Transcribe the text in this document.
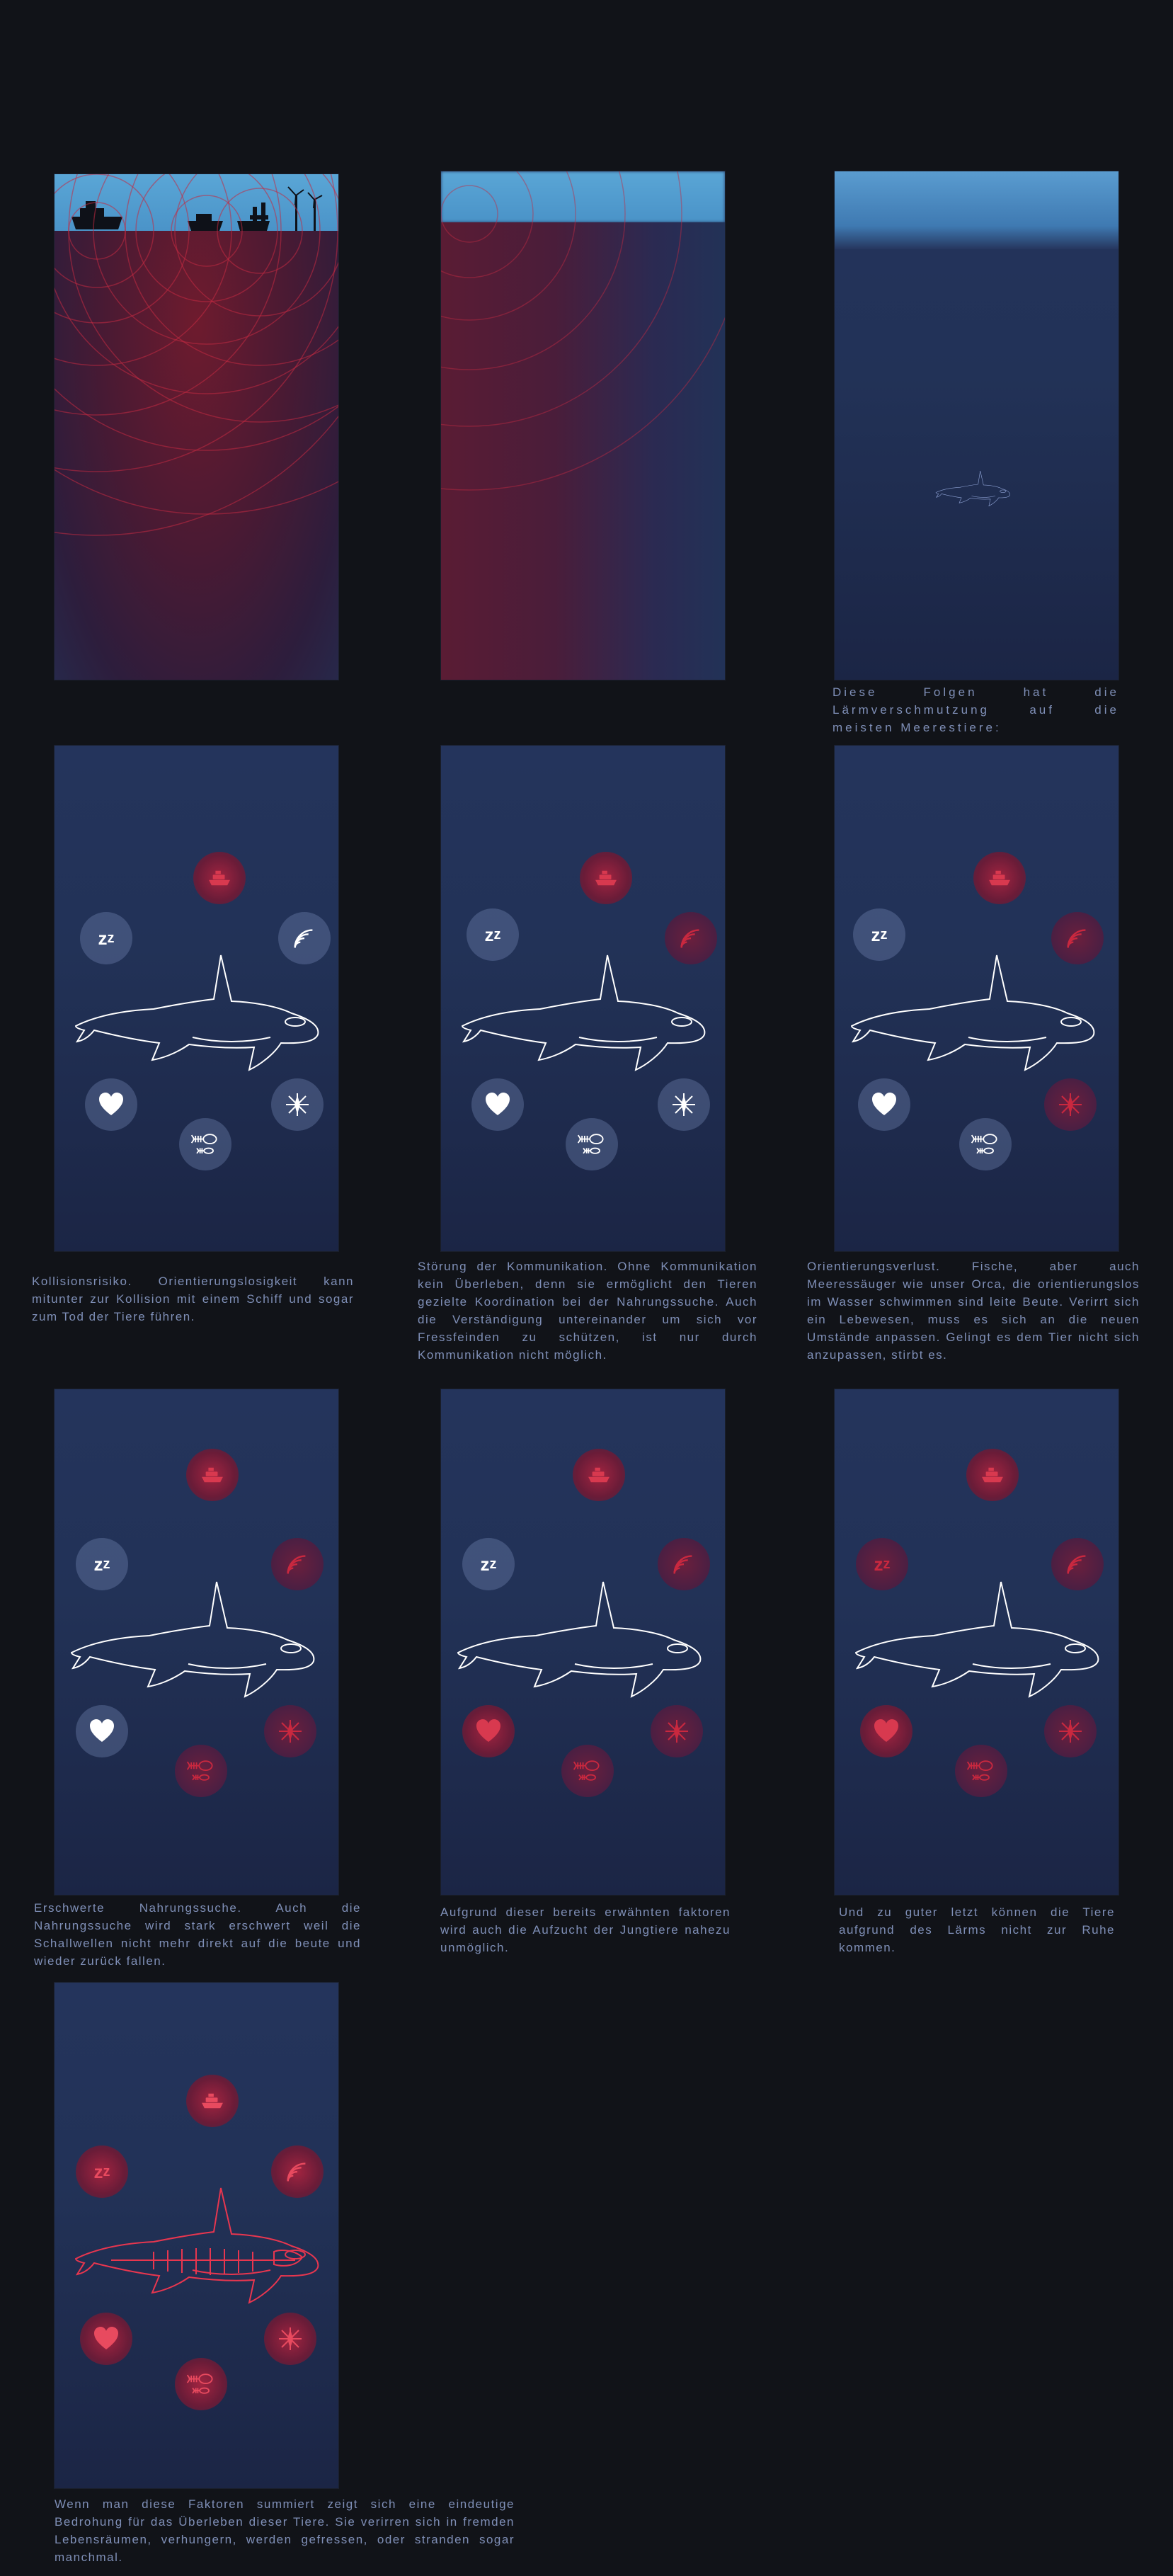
Diese Folgen hat die Lärmverschmutzung auf die meisten Meerestiere:

z z

Kollisionsrisiko. Orientierungslosigkeit kann mitunter zur Kollision mit einem Schiff und sogar zum Tod der Tiere führen.

z z

Störung der Kommunikation. Ohne Kommunikation kein Überleben, denn sie ermöglicht den Tieren gezielte Koordination bei der Nahrungssuche. Auch die Verständigung untereinander um sich vor Fressfeinden zu schützen, ist nur durch Kommunikation nicht möglich.

z z

Orientierungsverlust. Fische, aber auch Meeressäuger wie unser Orca, die orientierungslos im Wasser schwimmen sind leite Beute. Verirrt sich ein Lebewesen, muss es sich an die neuen Umstände anpassen. Gelingt es dem Tier nicht sich anzupassen, stirbt es.

z z

Erschwerte Nahrungssuche. Auch die Nahrungssuche wird stark erschwert weil die Schallwellen nicht mehr direkt auf die beute und wieder zurück fallen.

z z

Aufgrund dieser bereits erwähnten faktoren wird auch die Aufzucht der Jungtiere nahezu unmöglich.

z z

Und zu guter letzt können die Tiere aufgrund des Lärms nicht zur Ruhe kommen.

z z

Wenn man diese Faktoren summiert zeigt sich eine eindeutige Bedrohung für das Überleben dieser Tiere. Sie verirren sich in fremden Lebensräumen, verhungern, werden gefressen, oder stranden sogar manchmal.
